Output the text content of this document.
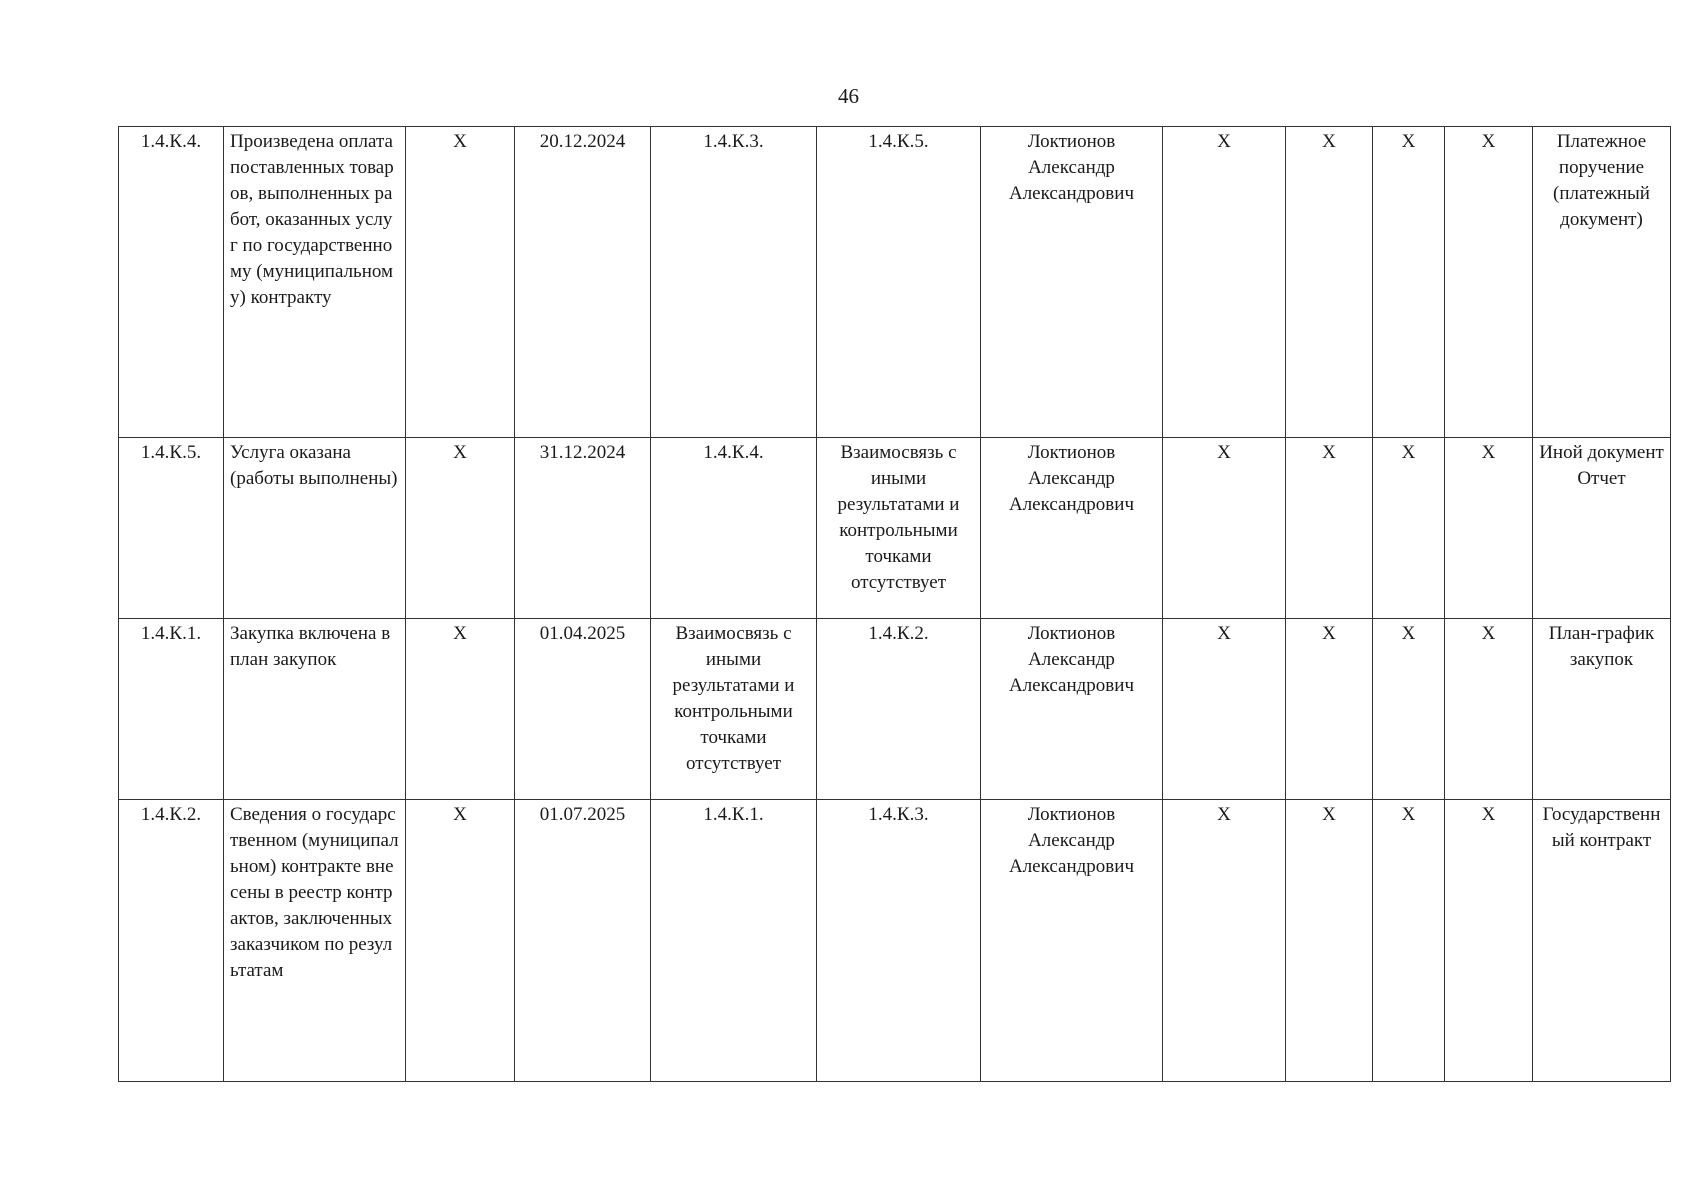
46
1.4.К.4.	Произведена оплата поставленных товаров, выполненных работ, оказанных услуг по государственному (муниципальному) контракту	X	20.12.2024	1.4.К.3.	1.4.К.5.	Локтионов Александр Александрович	X	X	X	X	Платежное поручение (платежный документ)
1.4.К.5.	Услуга оказана (работы выполнены)	X	31.12.2024	1.4.К.4.	Взаимосвязь с иными результатами и контрольными точками отсутствует	Локтионов Александр Александрович	X	X	X	X	Иной документ Отчет
1.4.К.1.	Закупка включена в план закупок	X	01.04.2025	Взаимосвязь с иными результатами и контрольными точками отсутствует	1.4.К.2.	Локтионов Александр Александрович	X	X	X	X	План-график закупок
1.4.К.2.	Сведения о государственном (муниципальном) контракте внесены в реестр контрактов, заключенных заказчиком по результатам	X	01.07.2025	1.4.К.1.	1.4.К.3.	Локтионов Александр Александрович	X	X	X	X	Государственный контракт
